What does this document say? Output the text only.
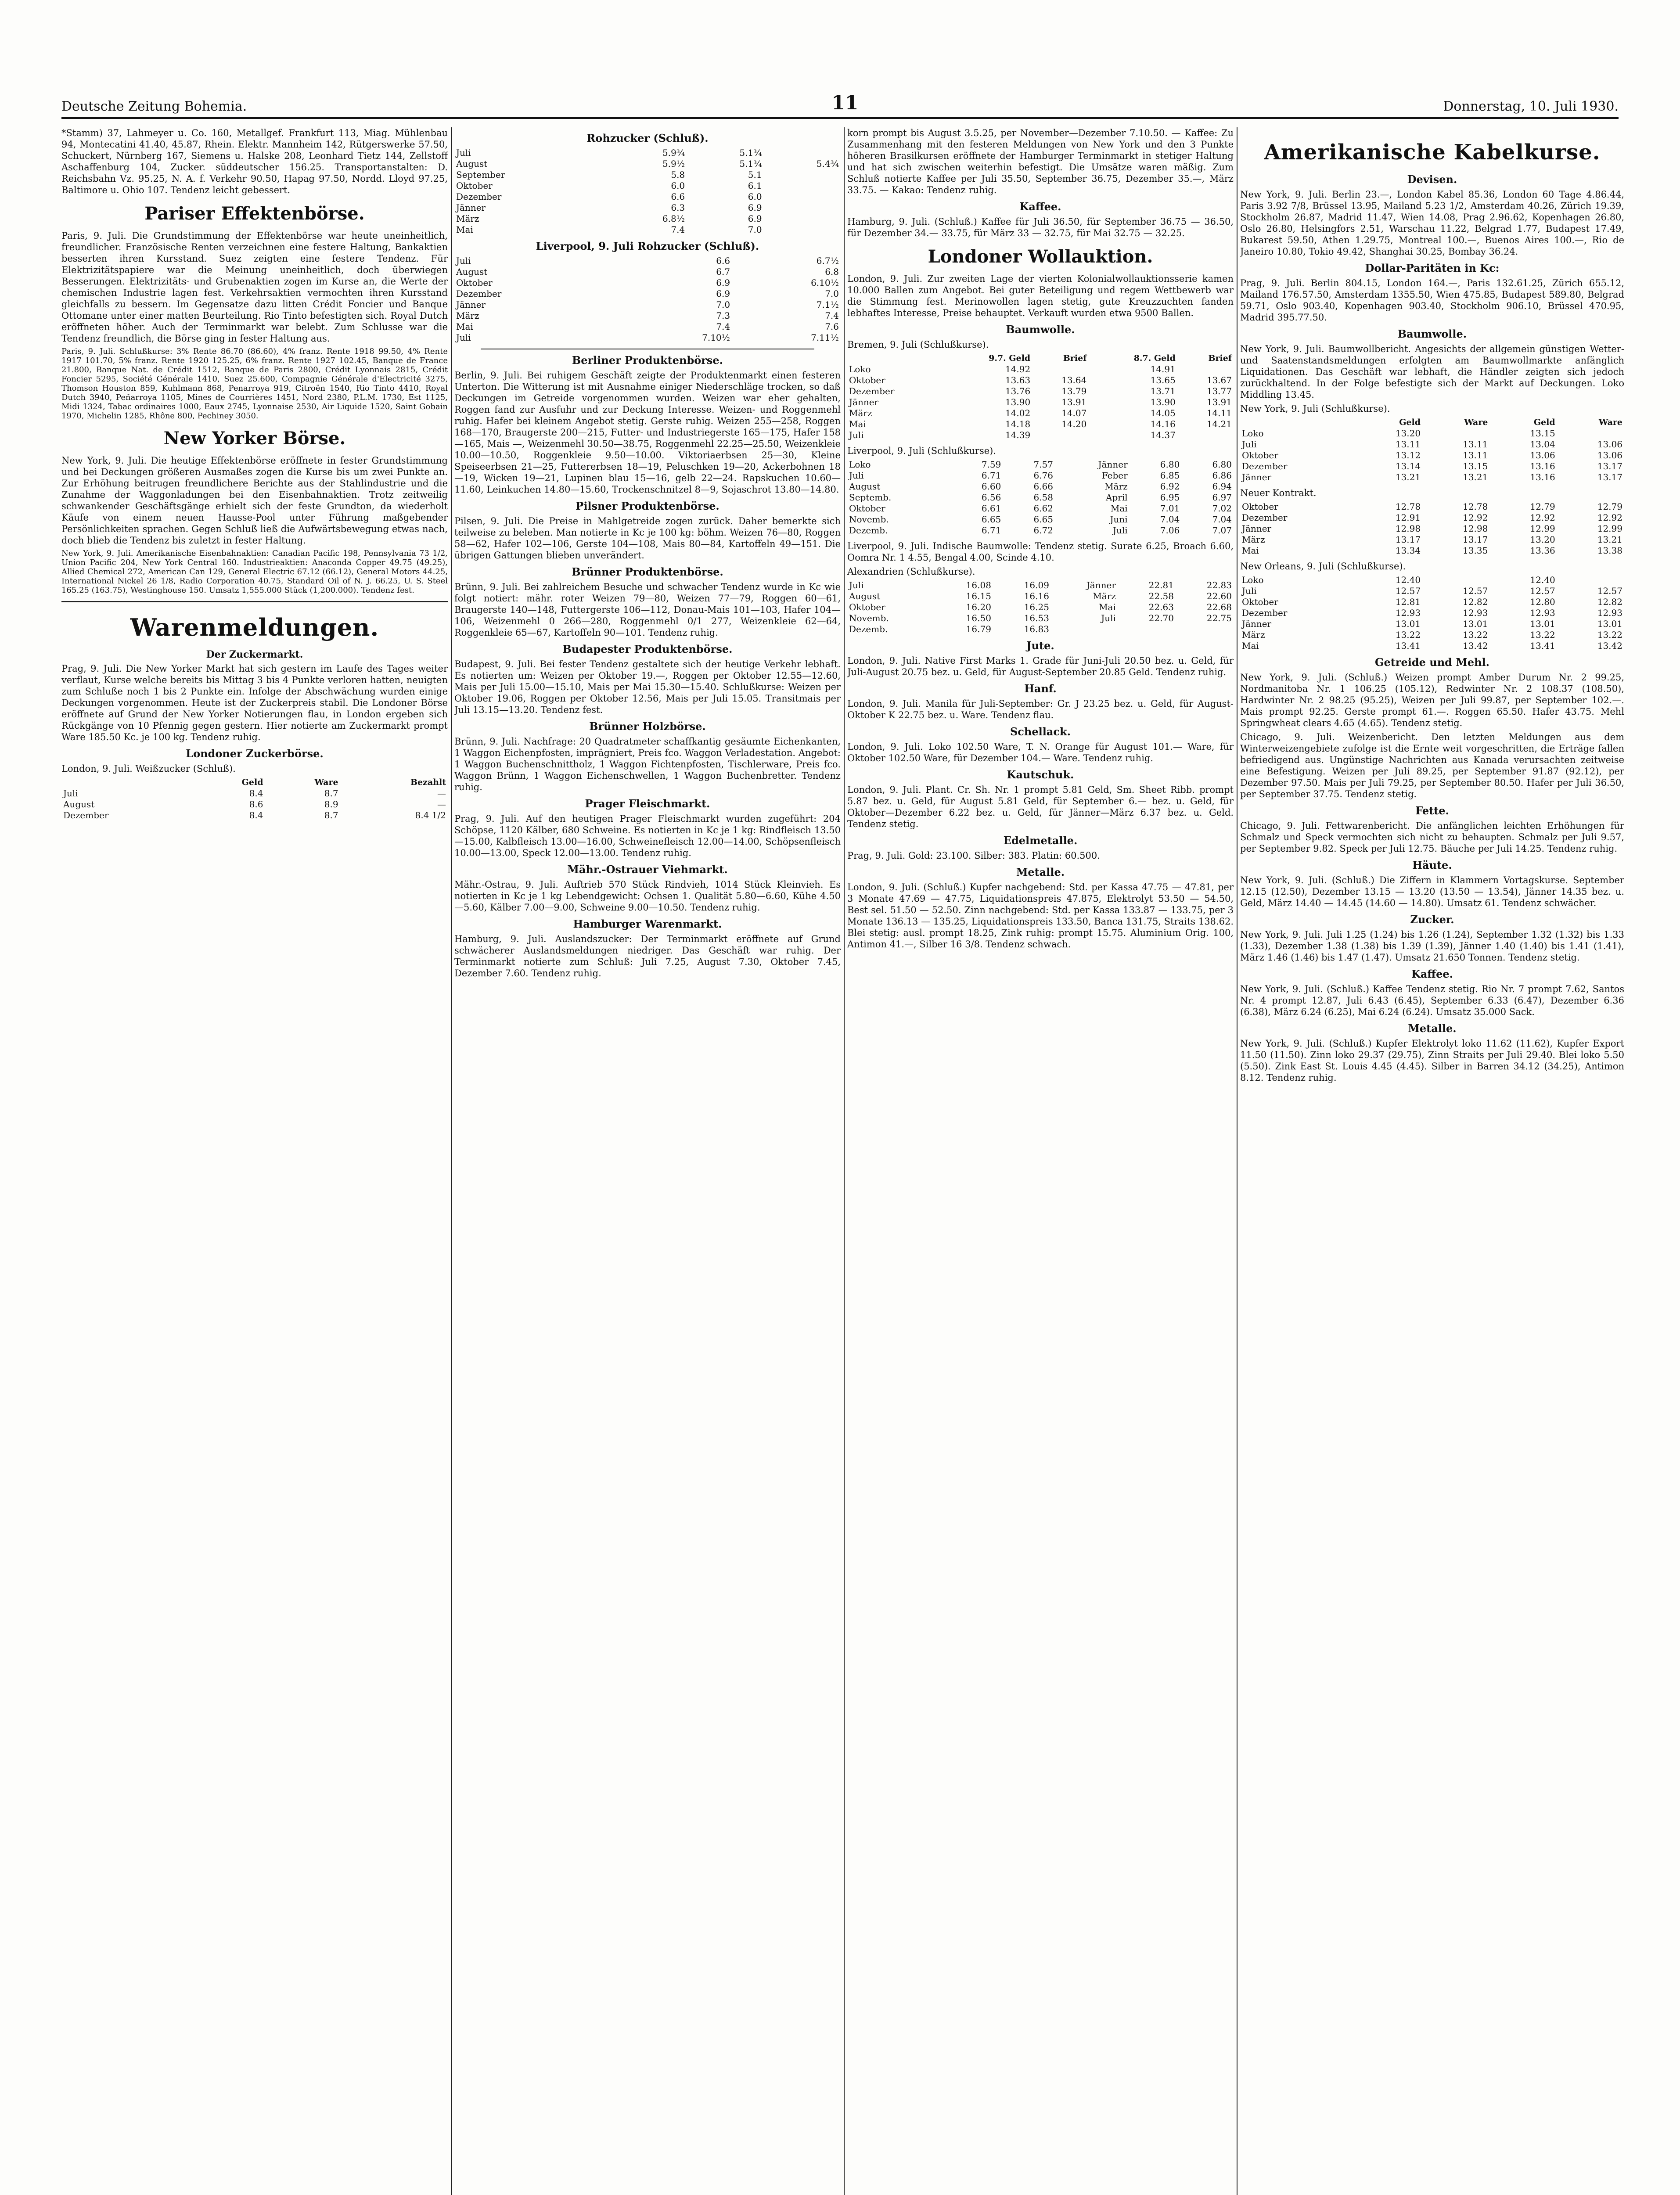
Deutsche Zeitung Bohemia.	11	Donnerstag, 10. Juli 1930.

*Stamm) 37, Lahmeyer u. Co. 160, Metallgef. Frankfurt 113, Miag. Mühlenbau 94, Montecatini 41.40, 45.87, Rhein. Elektr. Mannheim 142, Rütgerswerke 57.50, Schuckert, Nürnberg 167, Siemens u. Halske 208, Leonhard Tietz 144, Zellstoff Aschaffenburg 104, Zucker. süddeutscher 156.25. Transportanstalten: D. Reichsbahn Vz. 95.25, N. A. f. Verkehr 90.50, Hapag 97.50, Nordd. Lloyd 97.25, Baltimore u. Ohio 107. Tendenz leicht gebessert.

Pariser Effektenbörse.

Paris, 9. Juli. Die Grundstimmung der Effektenbörse war heute uneinheitlich, freundlicher. Französische Renten verzeichnen eine festere Haltung, Bankaktien besserten ihren Kursstand. Suez zeigten eine festere Tendenz. Für Elektrizitätspapiere war die Meinung uneinheitlich, doch überwiegen Besserungen. Elektrizitäts- und Grubenaktien zogen im Kurse an, die Werte der chemischen Industrie lagen fest. Verkehrsaktien vermochten ihren Kursstand gleichfalls zu bessern. Im Gegensatze dazu litten Crédit Foncier und Banque Ottomane unter einer matten Beurteilung. Rio Tinto befestigten sich. Royal Dutch eröffneten höher. Auch der Terminmarkt war belebt. Zum Schlusse war die Tendenz freundlich, die Börse ging in fester Haltung aus.

Paris, 9. Juli. Schlußkurse: 3% Rente 86.70 (86.60), 4% franz. Rente 1918 99.50, 4% Rente 1917 101.70, 5% franz. Rente 1920 125.25, 6% franz. Rente 1927 102.45, Banque de France 21.800, Banque Nat. de Crédit 1512, Banque de Paris 2800, Crédit Lyonnais 2815, Crédit Foncier 5295, Société Générale 1410, Suez 25.600, Compagnie Générale d'Electricité 3275, Thomson Houston 859, Kuhlmann 868, Penarroya 919, Citroën 1540, Rio Tinto 4410, Royal Dutch 3940, Peñarroya 1105, Mines de Courrières 1451, Nord 2380, P.L.M. 1730, Est 1125, Midi 1324, Tabac ordinaires 1000, Eaux 2745, Lyonnaise 2530, Air Liquide 1520, Saint Gobain 1970, Michelin 1285, Rhône 800, Pechiney 3050.

New Yorker Börse.

New York, 9. Juli. Die heutige Effektenbörse eröffnete in fester Grundstimmung und bei Deckungen größeren Ausmaßes zogen die Kurse bis um zwei Punkte an. Zur Erhöhung beitrugen freundlichere Berichte aus der Stahlindustrie und die Zunahme der Waggonladungen bei den Eisenbahnaktien. Trotz zeitweilig schwankender Geschäftsgänge erhielt sich der feste Grundton, da wiederholt Käufe von einem neuen Hausse-Pool unter Führung maßgebender Persönlichkeiten sprachen. Gegen Schluß ließ die Aufwärtsbewegung etwas nach, doch blieb die Tendenz bis zuletzt in fester Haltung.

New York, 9. Juli. Amerikanische Eisenbahnaktien: Canadian Pacific 198, Pennsylvania 73 1/2, Union Pacific 204, New York Central 160. Industrieaktien: Anaconda Copper 49.75 (49.25), Allied Chemical 272, American Can 129, General Electric 67.12 (66.12), General Motors 44.25, International Nickel 26 1/8, Radio Corporation 40.75, Standard Oil of N. J. 66.25, U. S. Steel 165.25 (163.75), Westinghouse 150. Umsatz 1,555.000 Stück (1,200.000). Tendenz fest.

Warenmeldungen.
Der Zuckermarkt.

Prag, 9. Juli. Die New Yorker Markt hat sich gestern im Laufe des Tages weiter verflaut, Kurse welche bereits bis Mittag 3 bis 4 Punkte verloren hatten, neuigten zum Schluße noch 1 bis 2 Punkte ein. Infolge der Abschwächung wurden einige Deckungen vorgenommen. Heute ist der Zuckerpreis stabil. Die Londoner Börse eröffnete auf Grund der New Yorker Notierungen flau, in London ergeben sich Rückgänge von 10 Pfennig gegen gestern. Hier notierte am Zuckermarkt prompt Ware 185.50 Kc. je 100 kg. Tendenz ruhig.

Londoner Zuckerbörse.

London, 9. Juli. Weißzucker (Schluß).

	Geld	Ware	Bezahlt
Juli	8.4	8.7	—
August	8.6	8.9	—
Dezember	8.4	8.7	8.4 1/2
Rohzucker (Schluß).
Juli	5.9¾	5.1¾	
August	5.9½	5.1¾	5.4¾
September	5.8	5.1	
Oktober	6.0	6.1	
Dezember	6.6	6.0	
Jänner	6.3	6.9	
März	6.8½	6.9	
Mai	7.4	7.0	
Liverpool, 9. Juli Rohzucker (Schluß).
Juli	6.6	6.7½
August	6.7	6.8
Oktober	6.9	6.10½
Dezember	6.9	7.0
Jänner	7.0	7.1½
März	7.3	7.4
Mai	7.4	7.6
Juli	7.10½	7.11½
Berliner Produktenbörse.

Berlin, 9. Juli. Bei ruhigem Geschäft zeigte der Produktenmarkt einen festeren Unterton. Die Witterung ist mit Ausnahme einiger Niederschläge trocken, so daß Deckungen im Getreide vorgenommen wurden. Weizen war eher gehalten, Roggen fand zur Ausfuhr und zur Deckung Interesse. Weizen- und Roggenmehl ruhig. Hafer bei kleinem Angebot stetig. Gerste ruhig. Weizen 255—258, Roggen 168—170, Braugerste 200—215, Futter- und Industriegerste 165—175, Hafer 158—165, Mais —, Weizenmehl 30.50—38.75, Roggenmehl 22.25—25.50, Weizenkleie 10.00—10.50, Roggenkleie 9.50—10.00. Viktoriaerbsen 25—30, Kleine Speiseerbsen 21—25, Futtererbsen 18—19, Peluschken 19—20, Ackerbohnen 18—19, Wicken 19—21, Lupinen blau 15—16, gelb 22—24. Rapskuchen 10.60—11.60, Leinkuchen 14.80—15.60, Trockenschnitzel 8—9, Sojaschrot 13.80—14.80.

Pilsner Produktenbörse.

Pilsen, 9. Juli. Die Preise in Mahlgetreide zogen zurück. Daher bemerkte sich teilweise zu beleben. Man notierte in Kc je 100 kg: böhm. Weizen 76—80, Roggen 58—62, Hafer 102—106, Gerste 104—108, Mais 80—84, Kartoffeln 49—151. Die übrigen Gattungen blieben unverändert.

Brünner Produktenbörse.

Brünn, 9. Juli. Bei zahlreichem Besuche und schwacher Tendenz wurde in Kc wie folgt notiert: mähr. roter Weizen 79—80, Weizen 77—79, Roggen 60—61, Braugerste 140—148, Futtergerste 106—112, Donau-Mais 101—103, Hafer 104—106, Weizenmehl 0 266—280, Roggenmehl 0/1 277, Weizenkleie 62—64, Roggenkleie 65—67, Kartoffeln 90—101. Tendenz ruhig.

Budapester Produktenbörse.

Budapest, 9. Juli. Bei fester Tendenz gestaltete sich der heutige Verkehr lebhaft. Es notierten um: Weizen per Oktober 19.—, Roggen per Oktober 12.55—12.60, Mais per Juli 15.00—15.10, Mais per Mai 15.30—15.40. Schlußkurse: Weizen per Oktober 19.06, Roggen per Oktober 12.56, Mais per Juli 15.05. Transitmais per Juli 13.15—13.20. Tendenz fest.

Brünner Holzbörse.

Brünn, 9. Juli. Nachfrage: 20 Quadratmeter schaffkantig gesäumte Eichenkanten, 1 Waggon Eichenpfosten, imprägniert, Preis fco. Waggon Verladestation. Angebot: 1 Waggon Buchenschnittholz, 1 Waggon Fichtenpfosten, Tischlerware, Preis fco. Waggon Brünn, 1 Waggon Eichenschwellen, 1 Waggon Buchenbretter. Tendenz ruhig.

Prager Fleischmarkt.

Prag, 9. Juli. Auf den heutigen Prager Fleischmarkt wurden zugeführt: 204 Schöpse, 1120 Kälber, 680 Schweine. Es notierten in Kc je 1 kg: Rindfleisch 13.50—15.00, Kalbfleisch 13.00—16.00, Schweinefleisch 12.00—14.00, Schöpsenfleisch 10.00—13.00, Speck 12.00—13.00. Tendenz ruhig.

Mähr.-Ostrauer Viehmarkt.

Mähr.-Ostrau, 9. Juli. Auftrieb 570 Stück Rindvieh, 1014 Stück Kleinvieh. Es notierten in Kc je 1 kg Lebendgewicht: Ochsen 1. Qualität 5.80—6.60, Kühe 4.50—5.60, Kälber 7.00—9.00, Schweine 9.00—10.50. Tendenz ruhig.

Hamburger Warenmarkt.

Hamburg, 9. Juli. Auslandszucker: Der Terminmarkt eröffnete auf Grund schwächerer Auslandsmeldungen niedriger. Das Geschäft war ruhig. Der Terminmarkt notierte zum Schluß: Juli 7.25, August 7.30, Oktober 7.45, Dezember 7.60. Tendenz ruhig.

korn prompt bis August 3.5.25, per November—Dezember 7.10.50. — Kaffee: Zu Zusammenhang mit den festeren Meldungen von New York und den 3 Punkte höheren Brasilkursen eröffnete der Hamburger Terminmarkt in stetiger Haltung und hat sich zwischen weiterhin befestigt. Die Umsätze waren mäßig. Zum Schluß notierte Kaffee per Juli 35.50, September 36.75, Dezember 35.—, März 33.75. — Kakao: Tendenz ruhig.

Kaffee.

Hamburg, 9. Juli. (Schluß.) Kaffee für Juli 36.50, für September 36.75 — 36.50, für Dezember 34.— 33.75, für März 33 — 32.75, für Mai 32.75 — 32.25.

Londoner Wollauktion.

London, 9. Juli. Zur zweiten Lage der vierten Kolonialwollauktionsserie kamen 10.000 Ballen zum Angebot. Bei guter Beteiligung und regem Wettbewerb war die Stimmung fest. Merinowollen lagen stetig, gute Kreuzzuchten fanden lebhaftes Interesse, Preise behauptet. Verkauft wurden etwa 9500 Ballen.

Baumwolle.

Bremen, 9. Juli (Schlußkurse).

	9.7. Geld	Brief	8.7. Geld	Brief
Loko	14.92		14.91	
Oktober	13.63	13.64	13.65	13.67
Dezember	13.76	13.79	13.71	13.77
Jänner	13.90	13.91	13.90	13.91
März	14.02	14.07	14.05	14.11
Mai	14.18	14.20	14.16	14.21
Juli	14.39		14.37	

Liverpool, 9. Juli (Schlußkurse).

Loko	7.59	7.57	Jänner	6.80	6.80
Juli	6.71	6.76	Feber	6.85	6.86
August	6.60	6.66	März	6.92	6.94
Septemb.	6.56	6.58	April	6.95	6.97
Oktober	6.61	6.62	Mai	7.01	7.02
Novemb.	6.65	6.65	Juni	7.04	7.04
Dezemb.	6.71	6.72	Juli	7.06	7.07

Liverpool, 9. Juli. Indische Baumwolle: Tendenz stetig. Surate 6.25, Broach 6.60, Oomra Nr. 1 4.55, Bengal 4.00, Scinde 4.10.

Alexandrien (Schlußkurse).

Juli	16.08	16.09	Jänner	22.81	22.83
August	16.15	16.16	März	22.58	22.60
Oktober	16.20	16.25	Mai	22.63	22.68
Novemb.	16.50	16.53	Juli	22.70	22.75
Dezemb.	16.79	16.83			
Jute.

London, 9. Juli. Native First Marks 1. Grade für Juni-Juli 20.50 bez. u. Geld, für Juli-August 20.75 bez. u. Geld, für August-September 20.85 Geld. Tendenz ruhig.

Hanf.

London, 9. Juli. Manila für Juli-September: Gr. J 23.25 bez. u. Geld, für August-Oktober K 22.75 bez. u. Ware. Tendenz flau.

Schellack.

London, 9. Juli. Loko 102.50 Ware, T. N. Orange für August 101.— Ware, für Oktober 102.50 Ware, für Dezember 104.— Ware. Tendenz ruhig.

Kautschuk.

London, 9. Juli. Plant. Cr. Sh. Nr. 1 prompt 5.81 Geld, Sm. Sheet Ribb. prompt 5.87 bez. u. Geld, für August 5.81 Geld, für September 6.— bez. u. Geld, für Oktober—Dezember 6.22 bez. u. Geld, für Jänner—März 6.37 bez. u. Geld. Tendenz stetig.

Edelmetalle.

Prag, 9. Juli. Gold: 23.100. Silber: 383. Platin: 60.500.

Metalle.

London, 9. Juli. (Schluß.) Kupfer nachgebend: Std. per Kassa 47.75 — 47.81, per 3 Monate 47.69 — 47.75, Liquidationspreis 47.875, Elektrolyt 53.50 — 54.50, Best sel. 51.50 — 52.50. Zinn nachgebend: Std. per Kassa 133.87 — 133.75, per 3 Monate 136.13 — 135.25, Liquidationspreis 133.50, Banca 131.75, Straits 138.62. Blei stetig: ausl. prompt 18.25, Zink ruhig: prompt 15.75. Aluminium Orig. 100, Antimon 41.—, Silber 16 3/8. Tendenz schwach.

Amerikanische Kabelkurse.
Devisen.

New York, 9. Juli. Berlin 23.—, London Kabel 85.36, London 60 Tage 4.86.44, Paris 3.92 7/8, Brüssel 13.95, Mailand 5.23 1/2, Amsterdam 40.26, Zürich 19.39, Stockholm 26.87, Madrid 11.47, Wien 14.08, Prag 2.96.62, Kopenhagen 26.80, Oslo 26.80, Helsingfors 2.51, Warschau 11.22, Belgrad 1.77, Budapest 17.49, Bukarest 59.50, Athen 1.29.75, Montreal 100.—, Buenos Aires 100.—, Rio de Janeiro 10.80, Tokio 49.42, Shanghai 30.25, Bombay 36.24.

Dollar-Paritäten in Kc:

Prag, 9. Juli. Berlin 804.15, London 164.—, Paris 132.61.25, Zürich 655.12, Mailand 176.57.50, Amsterdam 1355.50, Wien 475.85, Budapest 589.80, Belgrad 59.71, Oslo 903.40, Kopenhagen 903.40, Stockholm 906.10, Brüssel 470.95, Madrid 395.77.50.

Baumwolle.

New York, 9. Juli. Baumwollbericht. Angesichts der allgemein günstigen Wetter- und Saatenstandsmeldungen erfolgten am Baumwollmarkte anfänglich Liquidationen. Das Geschäft war lebhaft, die Händler zeigten sich jedoch zurückhaltend. In der Folge befestigte sich der Markt auf Deckungen. Loko Middling 13.45.

New York, 9. Juli (Schlußkurse).

	Geld	Ware	Geld	Ware
Loko	13.20		13.15	
Juli	13.11	13.11	13.04	13.06
Oktober	13.12	13.11	13.06	13.06
Dezember	13.14	13.15	13.16	13.17
Jänner	13.21	13.21	13.16	13.17

Neuer Kontrakt.

Oktober	12.78	12.78	12.79	12.79
Dezember	12.91	12.92	12.92	12.92
Jänner	12.98	12.98	12.99	12.99
März	13.17	13.17	13.20	13.21
Mai	13.34	13.35	13.36	13.38

New Orleans, 9. Juli (Schlußkurse).

Loko	12.40		12.40	
Juli	12.57	12.57	12.57	12.57
Oktober	12.81	12.82	12.80	12.82
Dezember	12.93	12.93	12.93	12.93
Jänner	13.01	13.01	13.01	13.01
März	13.22	13.22	13.22	13.22
Mai	13.41	13.42	13.41	13.42
Getreide und Mehl.

New York, 9. Juli. (Schluß.) Weizen prompt Amber Durum Nr. 2 99.25, Nordmanitoba Nr. 1 106.25 (105.12), Redwinter Nr. 2 108.37 (108.50), Hardwinter Nr. 2 98.25 (95.25), Weizen per Juli 99.87, per September 102.—. Mais prompt 92.25. Gerste prompt 61.—. Roggen 65.50. Hafer 43.75. Mehl Springwheat clears 4.65 (4.65). Tendenz stetig.

Chicago, 9. Juli. Weizenbericht. Den letzten Meldungen aus dem Winterweizengebiete zufolge ist die Ernte weit vorgeschritten, die Erträge fallen befriedigend aus. Ungünstige Nachrichten aus Kanada verursachten zeitweise eine Befestigung. Weizen per Juli 89.25, per September 91.87 (92.12), per Dezember 97.50. Mais per Juli 79.25, per September 80.50. Hafer per Juli 36.50, per September 37.75. Tendenz stetig.

Fette.

Chicago, 9. Juli. Fettwarenbericht. Die anfänglichen leichten Erhöhungen für Schmalz und Speck vermochten sich nicht zu behaupten. Schmalz per Juli 9.57, per September 9.82. Speck per Juli 12.75. Bäuche per Juli 14.25. Tendenz ruhig.

Häute.

New York, 9. Juli. (Schluß.) Die Ziffern in Klammern Vortagskurse. September 12.15 (12.50), Dezember 13.15 — 13.20 (13.50 — 13.54), Jänner 14.35 bez. u. Geld, März 14.40 — 14.45 (14.60 — 14.80). Umsatz 61. Tendenz schwächer.

Zucker.

New York, 9. Juli. Juli 1.25 (1.24) bis 1.26 (1.24), September 1.32 (1.32) bis 1.33 (1.33), Dezember 1.38 (1.38) bis 1.39 (1.39), Jänner 1.40 (1.40) bis 1.41 (1.41), März 1.46 (1.46) bis 1.47 (1.47). Umsatz 21.650 Tonnen. Tendenz stetig.

Kaffee.

New York, 9. Juli. (Schluß.) Kaffee Tendenz stetig. Rio Nr. 7 prompt 7.62, Santos Nr. 4 prompt 12.87, Juli 6.43 (6.45), September 6.33 (6.47), Dezember 6.36 (6.38), März 6.24 (6.25), Mai 6.24 (6.24). Umsatz 35.000 Sack.

Metalle.

New York, 9. Juli. (Schluß.) Kupfer Elektrolyt loko 11.62 (11.62), Kupfer Export 11.50 (11.50). Zinn loko 29.37 (29.75), Zinn Straits per Juli 29.40. Blei loko 5.50 (5.50). Zink East St. Louis 4.45 (4.45). Silber in Barren 34.12 (34.25), Antimon 8.12. Tendenz ruhig.
